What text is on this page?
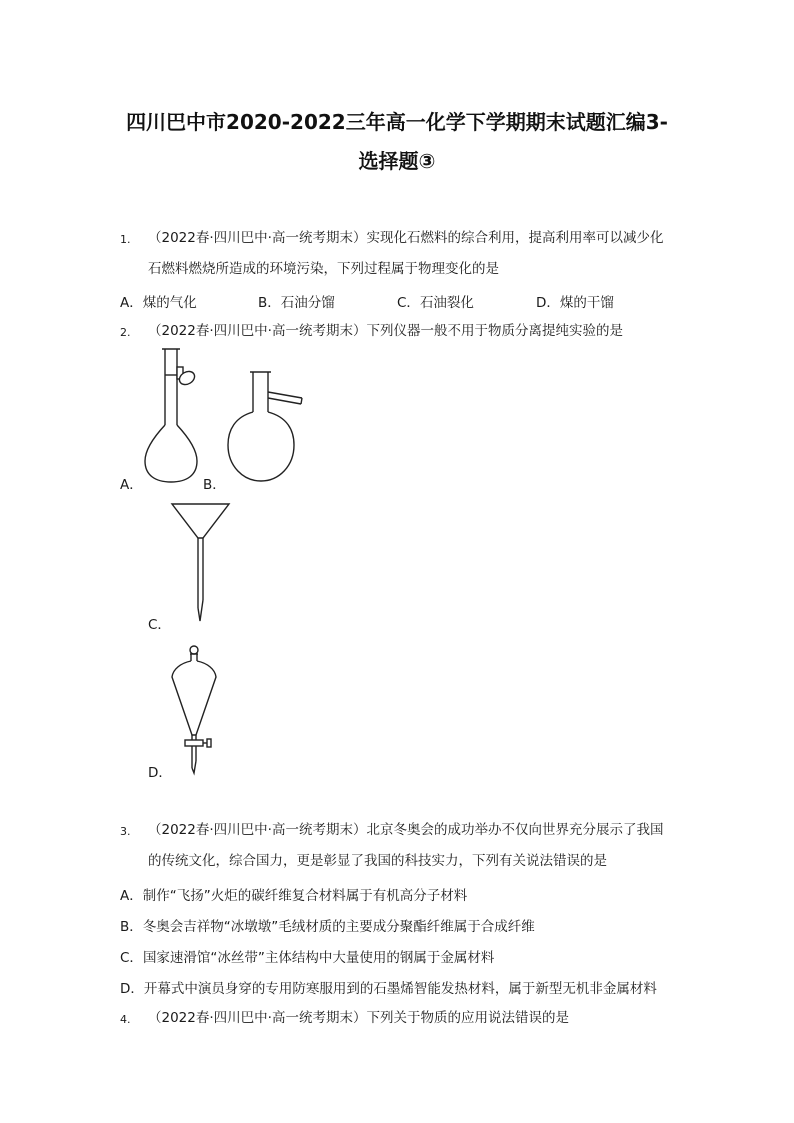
四川巴中市2020-2022三年高一化学下学期期末试题汇编3-
选择题③
1. （2022春·四川巴中·高一统考期末）实现化石燃料的综合利用，提高利用率可以减少化
石燃料燃烧所造成的环境污染，下列过程属于物理变化的是
A．煤的气化	B．石油分馏	C．石油裂化	D．煤的干馏
2. （2022春·四川巴中·高一统考期末）下列仪器一般不用于物质分离提纯实验的是
A．	B．
C．
D．
3. （2022春·四川巴中·高一统考期末）北京冬奥会的成功举办不仅向世界充分展示了我国
的传统文化，综合国力，更是彰显了我国的科技实力，下列有关说法错误的是
A．制作“飞扬”火炬的碳纤维复合材料属于有机高分子材料
B．冬奥会吉祥物“冰墩墩”毛绒材质的主要成分聚酯纤维属于合成纤维
C．国家速滑馆“冰丝带”主体结构中大量使用的钢属于金属材料
D．开幕式中演员身穿的专用防寒服用到的石墨烯智能发热材料，属于新型无机非金属材料
4. （2022春·四川巴中·高一统考期末）下列关于物质的应用说法错误的是
